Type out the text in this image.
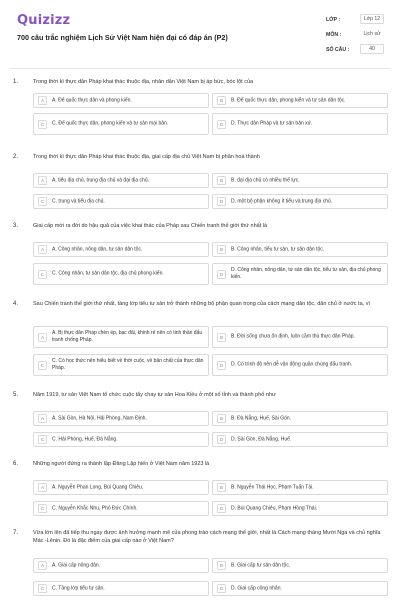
Quizizz
700 câu trắc nghiệm Lịch Sử Việt Nam hiện đại có đáp án (P2)
LỚP :	Lớp 12
MÔN :	Lịch sử
SỐ CÂU :	40
1.	Trong thời kì thực dân Pháp khai thác thuộc địa, nhân dân Việt Nam bị áp bức, bóc lột của
A	A. Đế quốc thực dân và phong kiến.	B	B. Đế quốc thực dân, phong kiến và tư sản dân tộc.
C	C. Đế quốc thực dân, phong kiến và tư sản mại bản.	D	D. Thực dân Pháp và tư sản bản xứ.
2.	Trong thời kì thực dân Pháp khai thác thuộc địa, giai cấp địa chủ Việt Nam bị phân hoá thành
A	A. tiểu địa chủ, trung địa chủ và đại địa chủ.	B	B. đại địa chủ có nhiều thế lực.
C	C. trung và tiểu địa chủ.	D	D. một bộ phận không ít tiểu và trung địa chủ.
3.	Giai cấp mới ra đời do hậu quả của việc khai thác của Pháp sau Chiến tranh thế giới thứ nhất là
A	A. Công nhân, nông dân, tư sản dân tộc.	B	B. Công nhân, tiểu tư sản, tư sản dân tộc.
C	C. Công nhân, tư sản dân tộc, địa chủ phong kiến.	D
D. Công nhân, nông dân, tư sản dân tộc, tiểu tư sản, địa chủ phong kiến.
4.	Sau Chiến tranh thế giới thứ nhất, tầng lớp tiểu tư sản trở thành những bộ phận quan trọng của cách mạng dân tộc, dân chủ ở nước ta, vì
A
A. Bị thực dân Pháp chèn ép, bạc đãi, khinh rẻ nên có tinh thần đấu tranh chống Pháp.	B	B. Đời sống chưa ổn định, luôn căm thù thực dân Pháp.
C
C. Có học thức nên hiểu biết về thời cuộc, về bản chất của thực dân Pháp.	D	D. Có trình độ nên dễ vận động quần chúng đấu tranh.
5.	Năm 1919, tư sản Việt Nam tổ chức cuộc tẩy chay tư sản Hoa Kiều ở một số tỉnh và thành phố như
A	A. Sài Gòn, Hà Nội, Hải Phòng, Nam Định.	B	B. Đà Nẵng, Huế, Sài Gòn.
C	C. Hải Phòng, Huế, Đà Nẵng.	D	D. Sài Gòn, Đà Nẵng, Huế.
6.	Những người đứng ra thành lập Đảng Lập hiến ở Việt Nam năm 1923 là
A	A. Nguyễn Phan Long, Bùi Quang Chiêu.	B	B. Nguyễn Thái Học, Phạm Tuấn Tài.
C	C. Nguyễn Khắc Nhu, Phó Đức Chính.	D	D. Bùi Quang Chiêu, Phạm Hồng Thái.
7.	Vừa lớn lên đã tiếp thu ngay được ảnh hưởng mạnh mẽ của phong trào cách mạng thế giới, nhất là Cách mạng tháng Mười Nga và chủ nghĩa Mác -Lênin. Đó là đặc điểm của giai cấp nào ở Việt Nam?
A	A. Giai cấp nông dân.	B	B. Giai cấp tư sản dân tộc.
C	C. Tầng lớp tiểu tư sản.	D	D. Giai cấp công nhân.
